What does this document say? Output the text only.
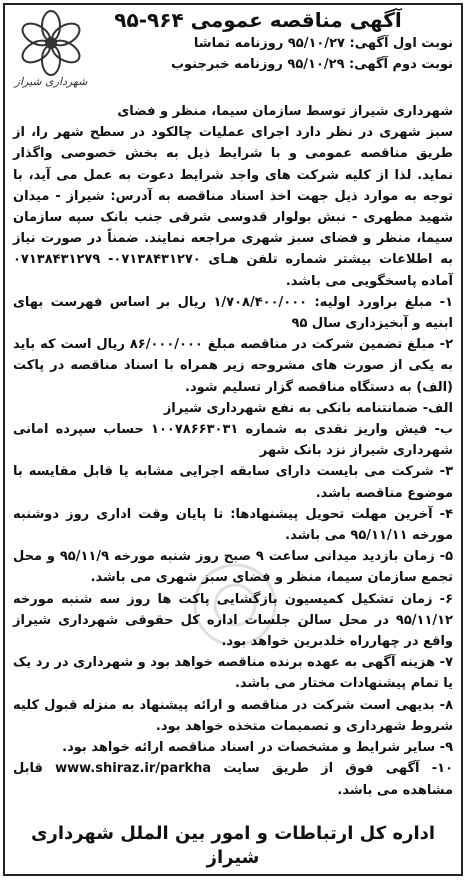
شهرداری شیراز
آگهی مناقصه عمومی ۹۶۴-۹۵
نوبت اول آگهی: ۹۵/۱۰/۲۷ روزنامه تماشا
نوبت دوم آگهی: ۹۵/۱۰/۲۹ روزنامه خبرجنوب

شهرداری شیراز توسط سازمان سیما، منظر و فضای

سبز شهری در نظر دارد اجرای عملیات چالکود در سطح شهر را، از طریق مناقصه عمومی و با شرایط ذیل به بخش خصوصی واگذار نماید. لذا از کلیه شرکت های واجد شرایط دعوت به عمل می آید، با توجه به موارد ذیل جهت اخذ اسناد مناقصه به آدرس: شیراز - میدان شهید مطهری - نبش بولوار قدوسی شرقی جنب بانک سپه سازمان سیما، منظر و فضای سبز شهری مراجعه نمایند. ضمناً در صورت نیاز به اطلاعات بیشتر شماره تلفن هـای ۰۷۱۳۸۴۳۱۲۷۰- ۰۷۱۳۸۴۳۱۲۷۹ آماده پاسخگویی می باشد.

۱- مبلغ براورد اولیه: ۱/۷۰۸/۴۰۰/۰۰۰ ریال بر اساس فهرست بهای ابنیه و آبخیزداری سال ۹۵

۲- مبلغ تضمین شرکت در مناقصه مبلغ ۸۶/۰۰۰/۰۰۰ ریال است که باید به یکی از صورت های مشروحه زیر همراه با اسناد مناقصه در پاکت (الف) به دستگاه مناقصه گزار تسلیم شود.

الف- ضمانتنامه بانکی به نفع شهرداری شیراز

ب- فیش واریز نقدی به شماره ۱۰۰۷۸۶۶۳۰۳۱ حساب سپرده امانی شهرداری شیراز نزد بانک شهر

۳- شرکت می بایست دارای سابقه اجرایی مشابه یا قابل مقایسه با موضوع مناقصه باشد.

۴- آخرین مهلت تحویل پیشنهادها: تا پایان وقت اداری روز دوشنبه مورخه ۹۵/۱۱/۱۱ می باشد.

۵- زمان بازدید میدانی ساعت ۹ صبح روز شنبه مورخه ۹۵/۱۱/۹ و محل تجمع سازمان سیما، منظر و فضای سبز شهری می باشد.

۶- زمان تشکیل کمیسیون بازگشایی پاکت ها روز سه شنبه مورخه ۹۵/۱۱/۱۲ در محل سالن جلسات اداره کل حقوقی شهرداری شیراز واقع در چهارراه خلدبرین خواهد بود.

۷- هزینه آگهی به عهده برنده مناقصه خواهد بود و شهرداری در رد یک یا تمام پیشنهادات مختار می باشد.

۸- بدیهی است شرکت در مناقصه و ارائه پیشنهاد به منزله قبول کلیه شروط شهرداری و تصمیمات متخذه خواهد بود.

۹- سایر شرایط و مشخصات در اسناد مناقصه ارائه خواهد بود.

۱۰- آگهی فوق از طریق سایت www.shiraz.ir/parkha قابل مشاهده می باشد.

اداره کل ارتباطات و امور بین الملل شهرداری شیراز
